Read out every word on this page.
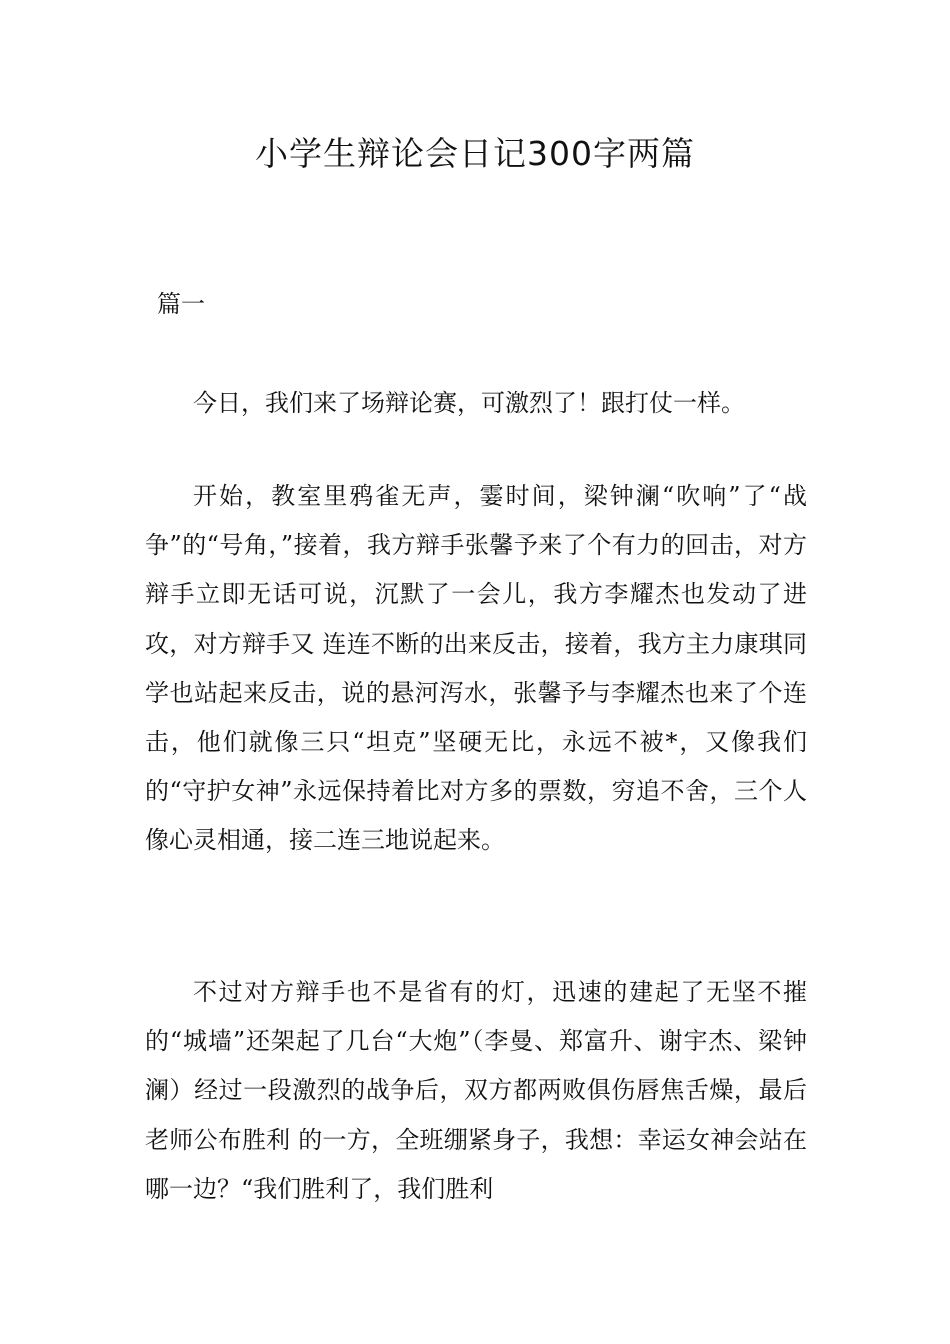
小学生辩论会日记300字两篇
篇一

今日，我们来了场辩论赛，可激烈了！跟打仗一样。

开始，教室里鸦雀无声，霎时间，梁钟澜“吹响”了“战争”的“号角，”接着，我方辩手张馨予来了个有力的回击，对方辩手立即无话可说，沉默了一会儿，我方李耀杰也发动了进攻，对方辩手又 连连不断的出来反击，接着，我方主力康琪同学也站起来反击，说的悬河泻水，张馨予与李耀杰也来了个连击，他们就像三只“坦克”坚硬无比，永远不被*，又像我们的“守护女神”永远保持着比对方多的票数，穷追不舍，三个人像心灵相通，接二连三地说起来。

不过对方辩手也不是省有的灯，迅速的建起了无坚不摧的“城墙”还架起了几台“大炮”（李曼、郑富升、谢宇杰、梁钟澜）经过一段激烈的战争后，双方都两败俱伤唇焦舌燥，最后老师公布胜利 的一方，全班绷紧身子，我想：幸运女神会站在哪一边？“我们胜利了，我们胜利
